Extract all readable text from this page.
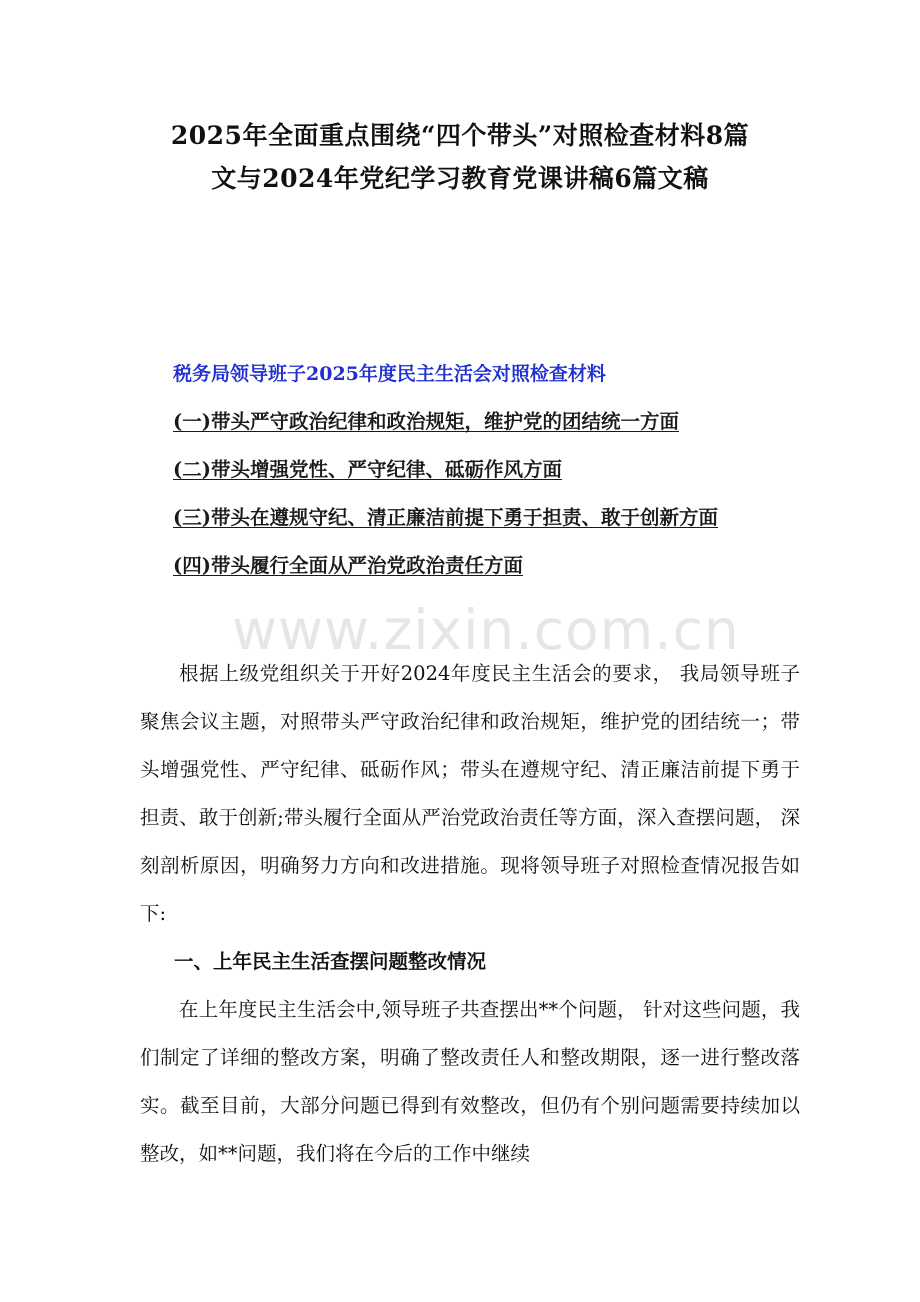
2025年全面重点围绕“四个带头”对照检查材料8篇
文与2024年党纪学习教育党课讲稿6篇文稿

税务局领导班子2025年度民主生活会对照检查材料

(一)带头严守政治纪律和政治规矩，维护党的团结统一方面
(二)带头增强党性、严守纪律、砥砺作风方面
(三)带头在遵规守纪、清正廉洁前提下勇于担责、敢于创新方面
(四)带头履行全面从严治党政治责任方面
www.zixin.com.cn

根据上级党组织关于开好2024年度民主生活会的要求， 我局领导班子聚焦会议主题，对照带头严守政治纪律和政治规矩，维护党的团结统一；带头增强党性、严守纪律、砥砺作风；带头在遵规守纪、清正廉洁前提下勇于担责、敢于创新;带头履行全面从严治党政治责任等方面，深入查摆问题， 深刻剖析原因，明确努力方向和改进措施。现将领导班子对照检查情况报告如下:

一、上年民主生活查摆问题整改情况

在上年度民主生活会中,领导班子共查摆出**个问题， 针对这些问题，我们制定了详细的整改方案，明确了整改责任人和整改期限，逐一进行整改落实。截至目前，大部分问题已得到有效整改，但仍有个别问题需要持续加以整改，如**问题，我们将在今后的工作中继续
